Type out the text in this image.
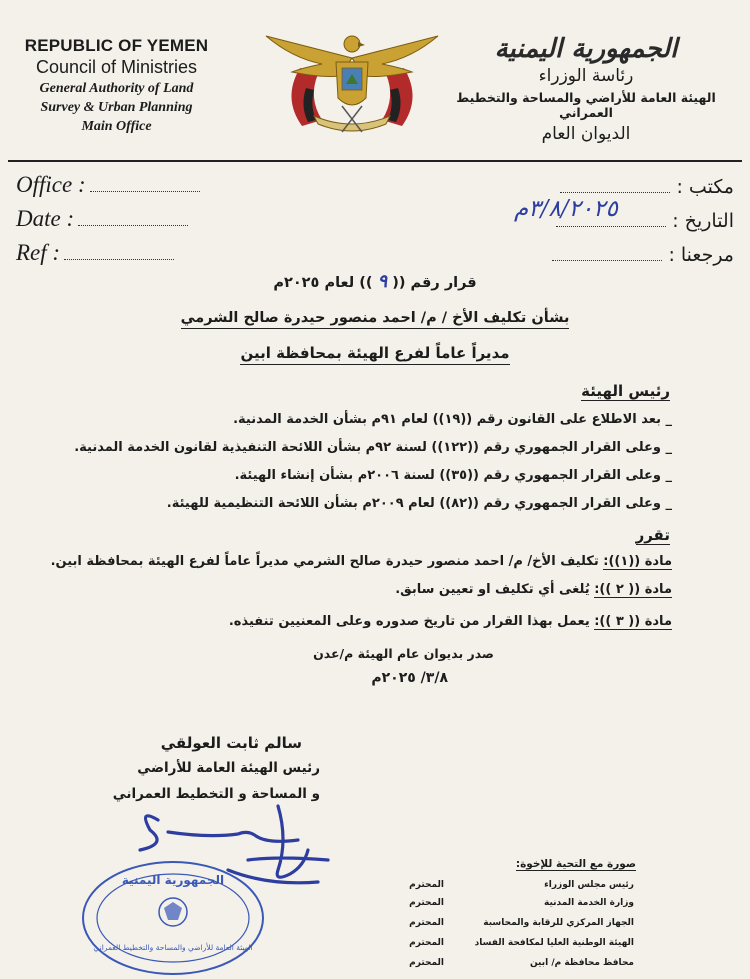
REPUBLIC OF YEMEN
Council of Ministries
General Authority of Land
Survey & Urban Planning
Main Office
الجمهورية اليمنية
رئاسة الوزراء
الهيئة العامة للأراضي والمساحة والتخطيط العمراني
الديوان العام
Office :
Date :
Ref :
مكتب :
التاريخ :
مرجعنا :
٣/٨/٢٠٢٥م
قرار رقم (( ٩ )) لعام ٢٠٢٥م
بشأن تكليف الأخ / م/ احمد منصور حيدرة صالح الشرمي
مديراً عاماً لفرع الهيئة بمحافظة ابين
رئيس الهيئة
_ بعد الاطلاع على القانون رقم ((١٩)) لعام ٩١م بشأن الخدمة المدنية.
_ وعلى القرار الجمهوري رقم ((١٢٢)) لسنة ٩٢م بشأن اللائحة التنفيذية لقانون الخدمة المدنية.
_ وعلى القرار الجمهوري رقم ((٣٥)) لسنة ٢٠٠٦م بشأن إنشاء الهيئة.
_ وعلى القرار الجمهوري رقم ((٨٢)) لعام ٢٠٠٩م بشأن اللائحة التنظيمية للهيئة.
تقرر
مادة ((١)): تكليف الأخ/ م/ احمد منصور حيدرة صالح الشرمي مديراً عاماً لفرع الهيئة بمحافظة ابين.
مادة (( ٢ )): يُلغى أي تكليف او تعيين سابق.
مادة (( ٣ )): يعمل بهذا القرار من تاريخ صدوره وعلى المعنيين تنفيذه.
صدر بديوان عام الهيئة م/عدن
٣/٨/ ٢٠٢٥م
سالم ثابت العولقي
رئيس الهيئة العامة للأراضي
و المساحة و التخطيط العمراني
الجمهورية اليمنية
الهيئة العامة للأراضي والمساحة والتخطيط العمراني
صورة مع التحية للإخوة:
رئيس مجلس الوزراءالمحترم
وزارة الخدمة المدنيةالمحترم
الجهاز المركزي للرقابة والمحاسبةالمحترم
الهيئة الوطنية العليا لمكافحة الفسادالمحترم
محافظ محافظة م/ ابينالمحترم
